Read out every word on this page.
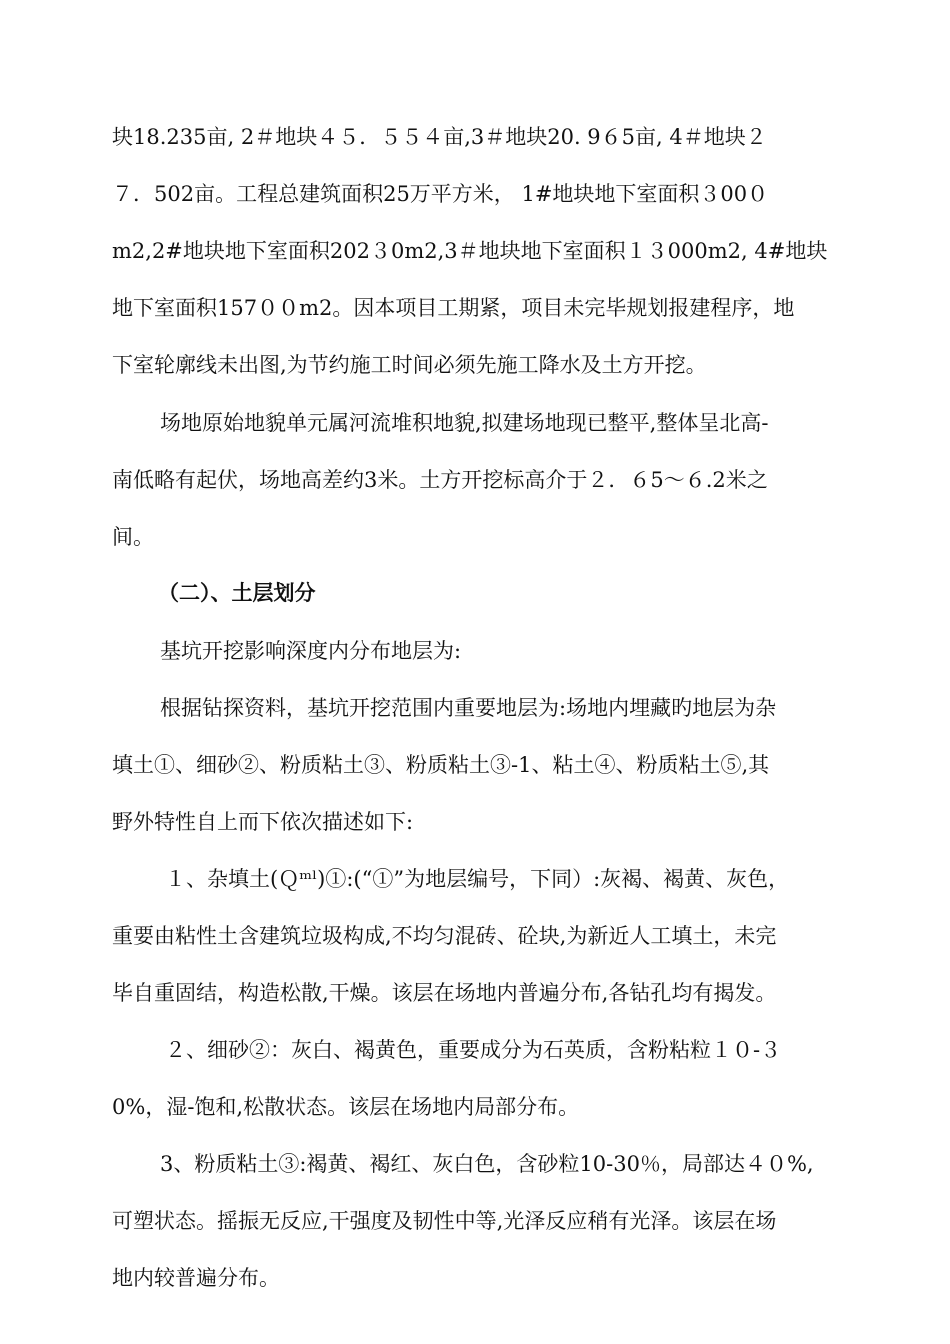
块18.235亩, 2＃地块４５．５５４亩,3＃地块20. 9６5亩, 4＃地块２
７．502亩。工程总建筑面积25万平方米， 1#地块地下室面积３00０
m2,2#地块地下室面积202３0m2,3＃地块地下室面积１３000m2, 4#地块
地下室面积157００m2。因本项目工期紧，项目未完毕规划报建程序，地
下室轮廓线未出图,为节约施工时间必须先施工降水及土方开挖。
场地原始地貌单元属河流堆积地貌,拟建场地现已整平,整体呈北高-
南低略有起伏，场地高差约3米。土方开挖标高介于２．６5～６.2米之
间。
（二）、土层划分
基坑开挖影响深度内分布地层为:
根据钻探资料，基坑开挖范围内重要地层为:场地内埋藏旳地层为杂
填土①、细砂②、粉质粘土③、粉质粘土③-1、粘土④、粉质粘土⑤,其
野外特性自上而下依次描述如下:
１、杂填土(Ｑᵐˡ)①:(“①”为地层编号，下同）:灰褐、褐黄、灰色，
重要由粘性土含建筑垃圾构成,不均匀混砖、砼块,为新近人工填土，未完
毕自重固结，构造松散,干燥。该层在场地内普遍分布,各钻孔均有揭发。
２、细砂②：灰白、褐黄色，重要成分为石英质，含粉粘粒１０-３
0%，湿-饱和,松散状态。该层在场地内局部分布。
3、粉质粘土③:褐黄、褐红、灰白色，含砂粒10-30％，局部达４０%,
可塑状态。摇振无反应,干强度及韧性中等,光泽反应稍有光泽。该层在场
地内较普遍分布。
